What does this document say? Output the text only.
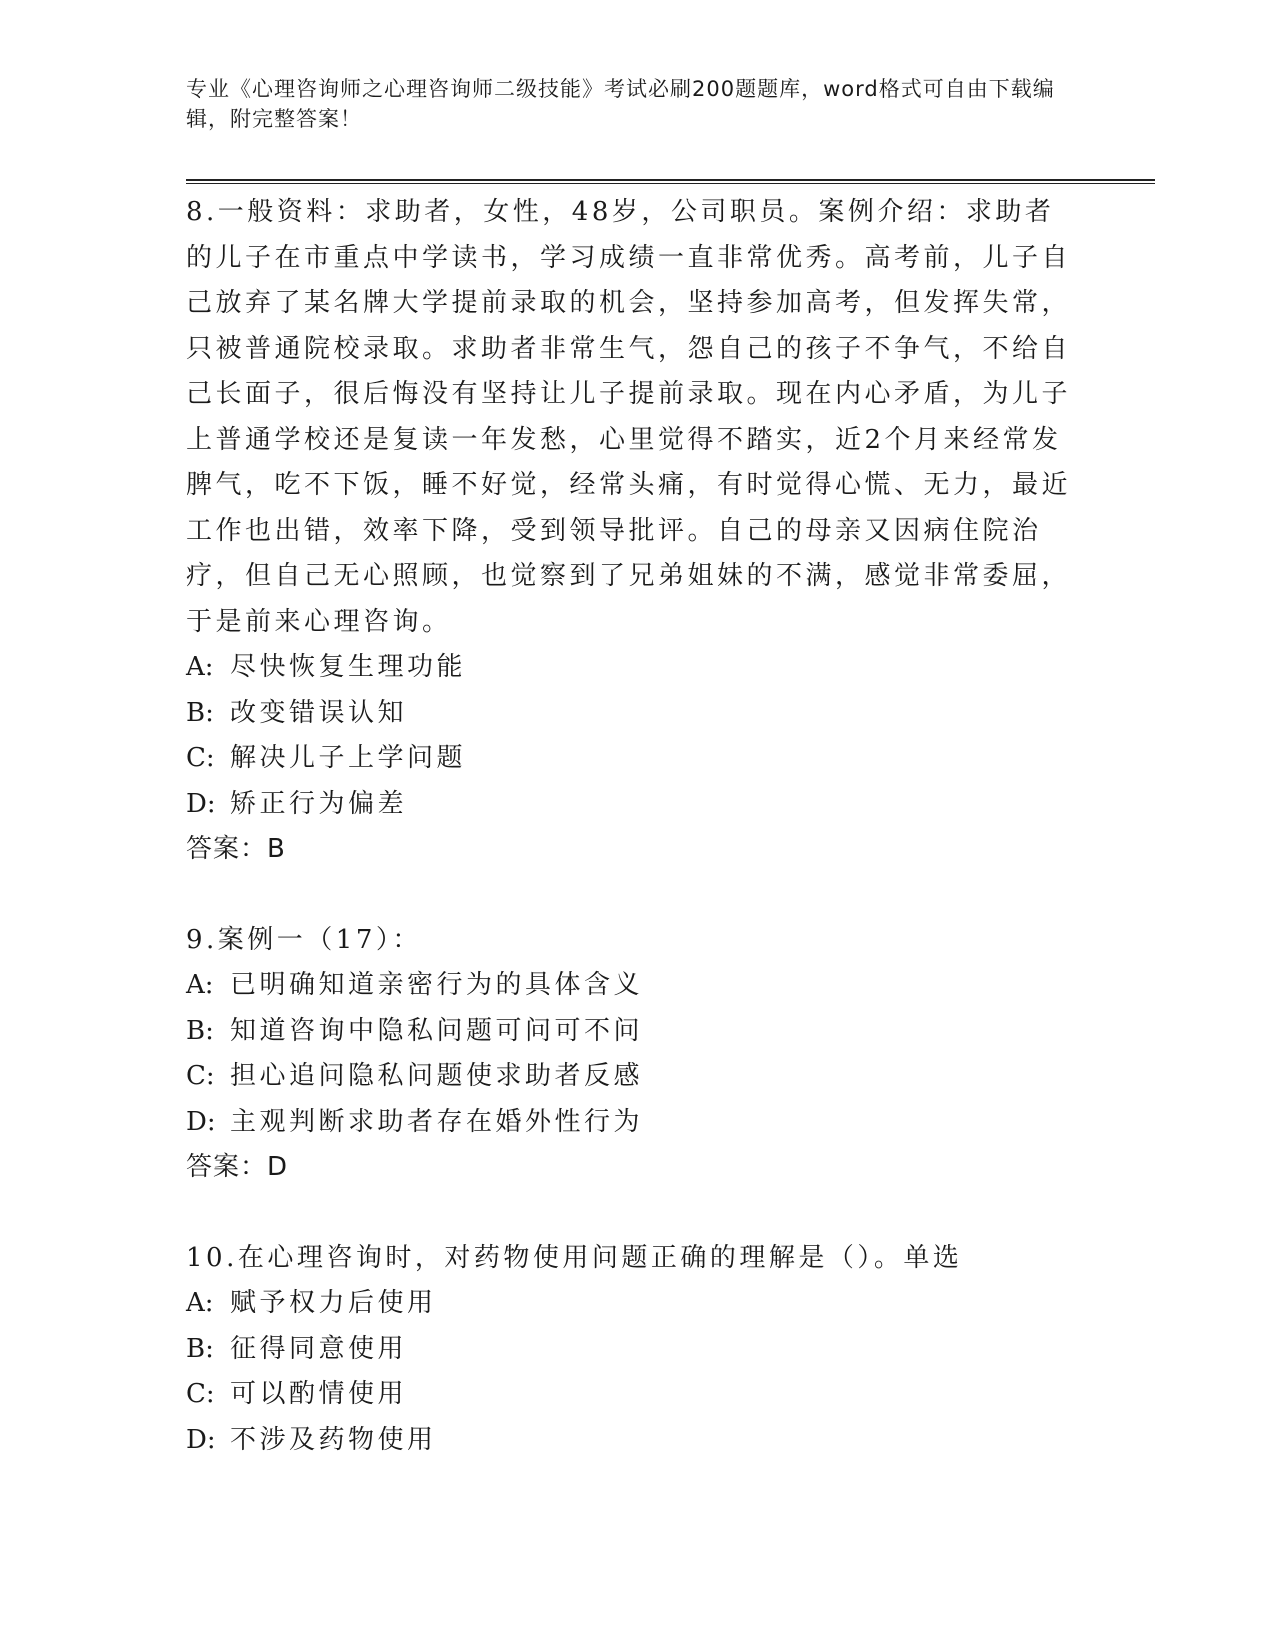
专业《心理咨询师之心理咨询师二级技能》考试必刷200题题库，word格式可自由下载编辑，附完整答案！

8.一般资料：求助者，女性，48岁，公司职员。案例介绍：求助者的儿子在市重点中学读书，学习成绩一直非常优秀。高考前，儿子自己放弃了某名牌大学提前录取的机会，坚持参加高考，但发挥失常，只被普通院校录取。求助者非常生气，怨自己的孩子不争气，不给自己长面子，很后悔没有坚持让儿子提前录取。现在内心矛盾，为儿子上普通学校还是复读一年发愁，心里觉得不踏实，近2个月来经常发脾气，吃不下饭，睡不好觉，经常头痛，有时觉得心慌、无力，最近工作也出错，效率下降，受到领导批评。自己的母亲又因病住院治疗，但自己无心照顾，也觉察到了兄弟姐妹的不满，感觉非常委屈，于是前来心理咨询。

A: 尽快恢复生理功能

B: 改变错误认知

C: 解决儿子上学问题

D: 矫正行为偏差

答案：B

9.案例一（17）：

A: 已明确知道亲密行为的具体含义

B: 知道咨询中隐私问题可问可不问

C: 担心追问隐私问题使求助者反感

D: 主观判断求助者存在婚外性行为

答案：D

10.在心理咨询时，对药物使用问题正确的理解是（）。单选

A: 赋予权力后使用

B: 征得同意使用

C: 可以酌情使用

D: 不涉及药物使用
